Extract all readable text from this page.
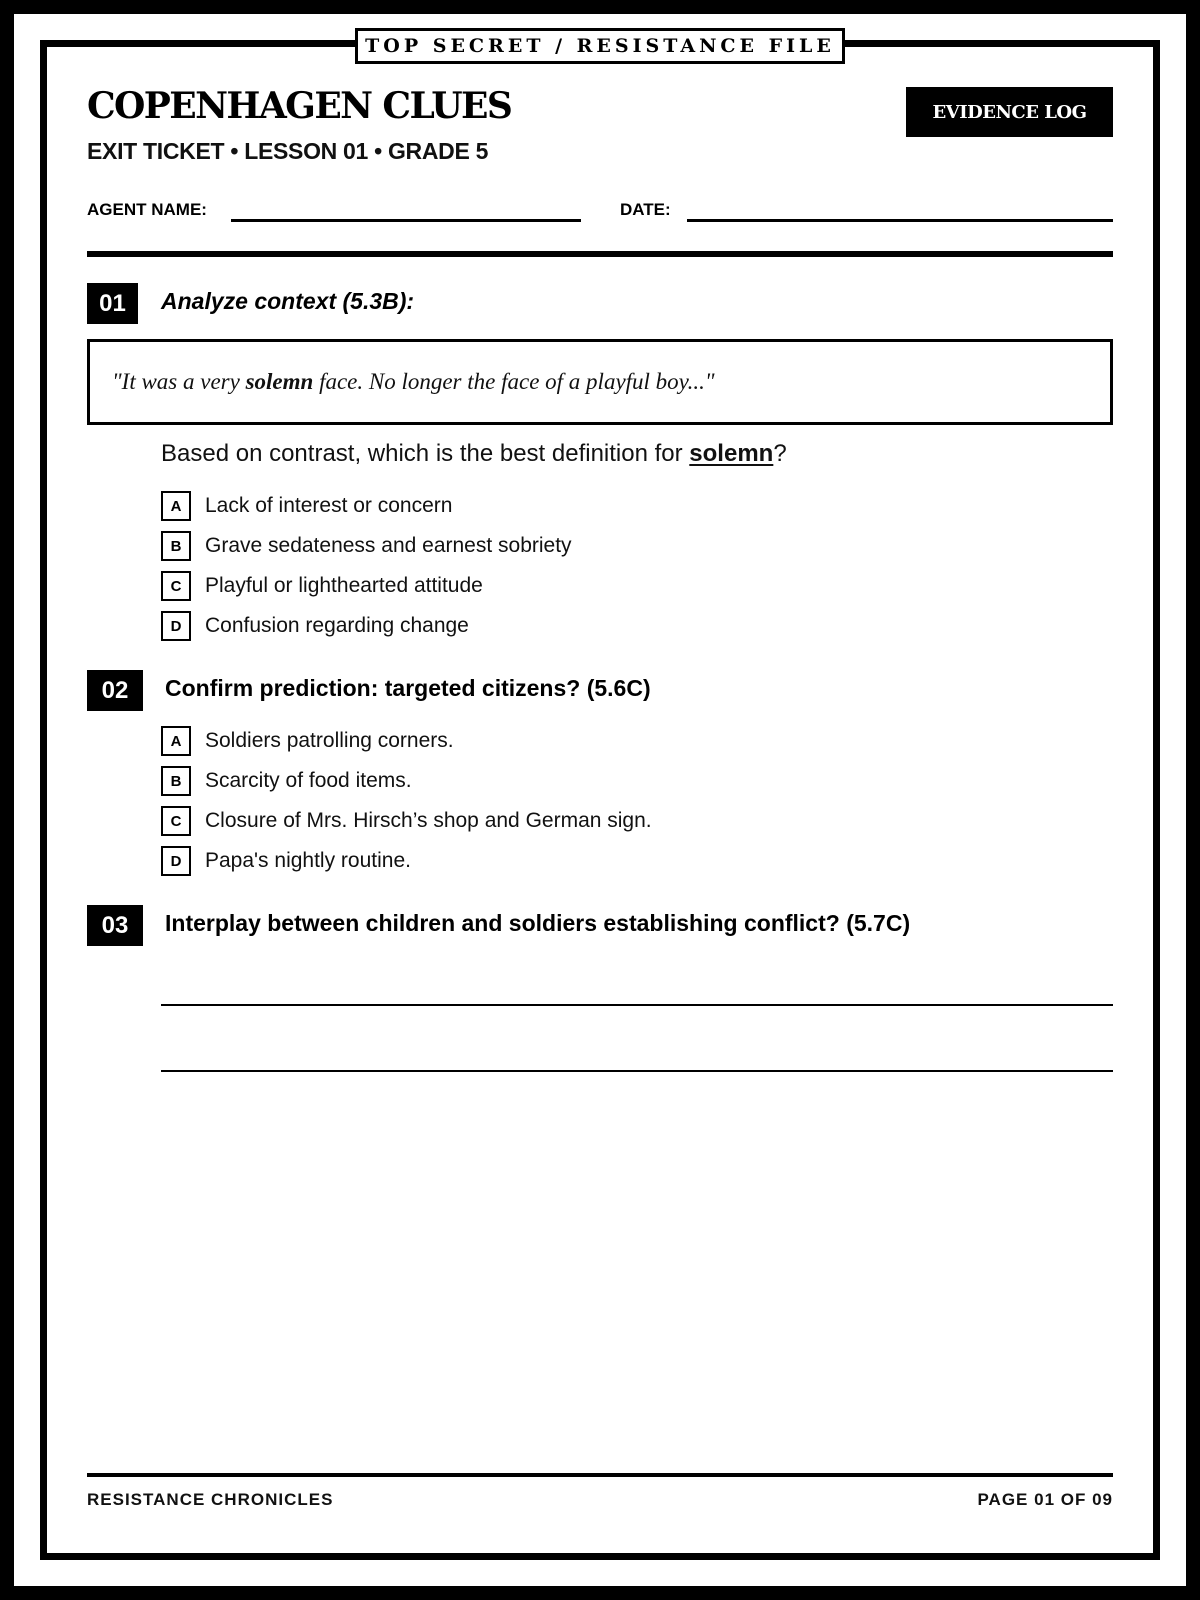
TOP SECRET / RESISTANCE FILE
COPENHAGEN CLUES
EXIT TICKET • LESSON 01 • GRADE 5
EVIDENCE LOG
AGENT NAME:	DATE:
01	Analyze context (5.3B):
"It was a very solemn face. No longer the face of a playful boy..."
Based on contrast, which is the best definition for solemn?
A	Lack of interest or concern
B	Grave sedateness and earnest sobriety
C	Playful or lighthearted attitude
D	Confusion regarding change
02	Confirm prediction: targeted citizens? (5.6C)
A	Soldiers patrolling corners.
B	Scarcity of food items.
C	Closure of Mrs. Hirsch’s shop and German sign.
D	Papa's nightly routine.
03	Interplay between children and soldiers establishing conflict? (5.7C)
RESISTANCE CHRONICLES	PAGE 01 OF 09
